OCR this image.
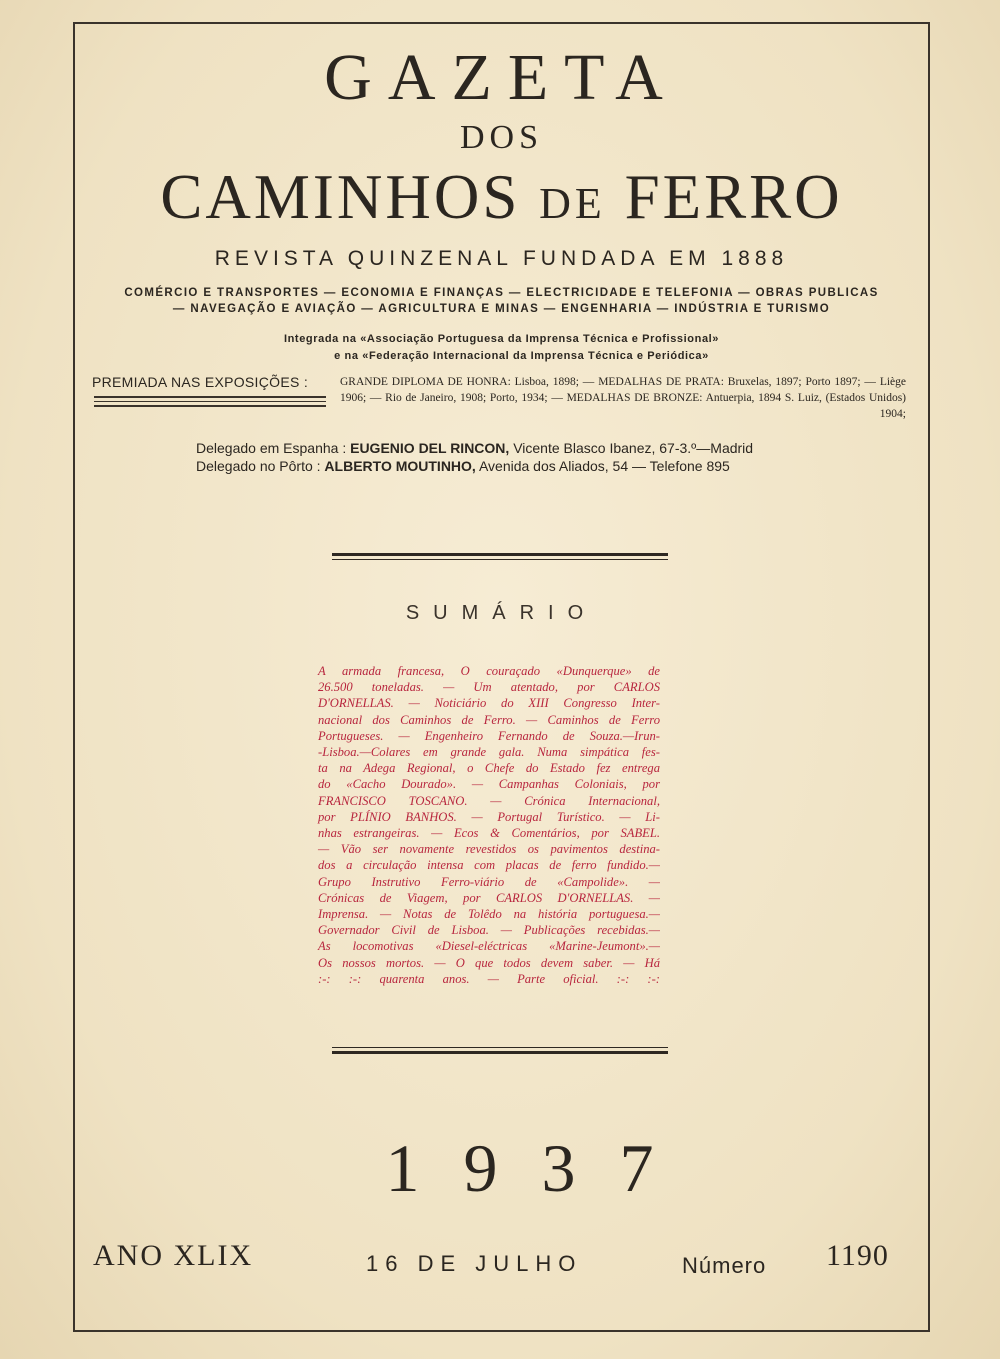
GAZETA
DOS
CAMINHOS DE FERRO
REVISTA QUINZENAL FUNDADA EM 1888
COMÉRCIO E TRANSPORTES — ECONOMIA E FINANÇAS — ELECTRICIDADE E TELEFONIA — OBRAS PUBLICAS
— NAVEGAÇÃO E AVIAÇÃO — AGRICULTURA E MINAS — ENGENHARIA — INDÚSTRIA E TURISMO
Integrada na «Associação Portuguesa da Imprensa Técnica e Profissional»
e na «Federação Internacional da Imprensa Técnica e Periódica»
PREMIADA NAS EXPOSIÇÕES :	GRANDE DIPLOMA DE HONRA: Lisboa, 1898; — MEDALHAS DE PRATA: Bruxelas, 1897; Porto 1897; — Liège 1906; — Rio de Janeiro, 1908; Porto, 1934; — MEDALHAS DE BRONZE: Antuerpia, 1894 S. Luiz, (Estados Unidos) 1904;
Delegado em Espanha : EUGENIO DEL RINCON, Vicente Blasco Ibanez, 67-3.º—Madrid
Delegado no Pôrto : ALBERTO MOUTINHO, Avenida dos Aliados, 54 — Telefone 895
SUMÁRIO
A armada francesa, O couraçado «Dunquerque» de
26.500 toneladas. — Um atentado, por CARLOS
D'ORNELLAS. — Noticiário do XIII Congresso Inter-
nacional dos Caminhos de Ferro. — Caminhos de Ferro
Portugueses. — Engenheiro Fernando de Souza.—Irun-
-Lisboa.—Colares em grande gala. Numa simpática fes-
ta na Adega Regional, o Chefe do Estado fez entrega
do «Cacho Dourado». — Campanhas Coloniais, por
FRANCISCO TOSCANO. — Crónica Internacional,
por PLÍNIO BANHOS. — Portugal Turístico. — Li-
nhas estrangeiras. — Ecos & Comentários, por SABEL.
— Vão ser novamente revestidos os pavimentos destina-
dos a circulação intensa com placas de ferro fundido.—
Grupo Instrutivo Ferro-viário de «Campolide». —
Crónicas de Viagem, por CARLOS D'ORNELLAS. —
Imprensa. — Notas de Tolêdo na história portuguesa.—
Governador Civil de Lisboa. — Publicações recebidas.—
As locomotivas «Diesel-eléctricas «Marine-Jeumont».—
Os nossos mortos. — O que todos devem saber. — Há
:-: :-: quarenta anos. — Parte oficial. :-: :-:
1937
ANO XLIX	16 DE JULHO	Número 1190
